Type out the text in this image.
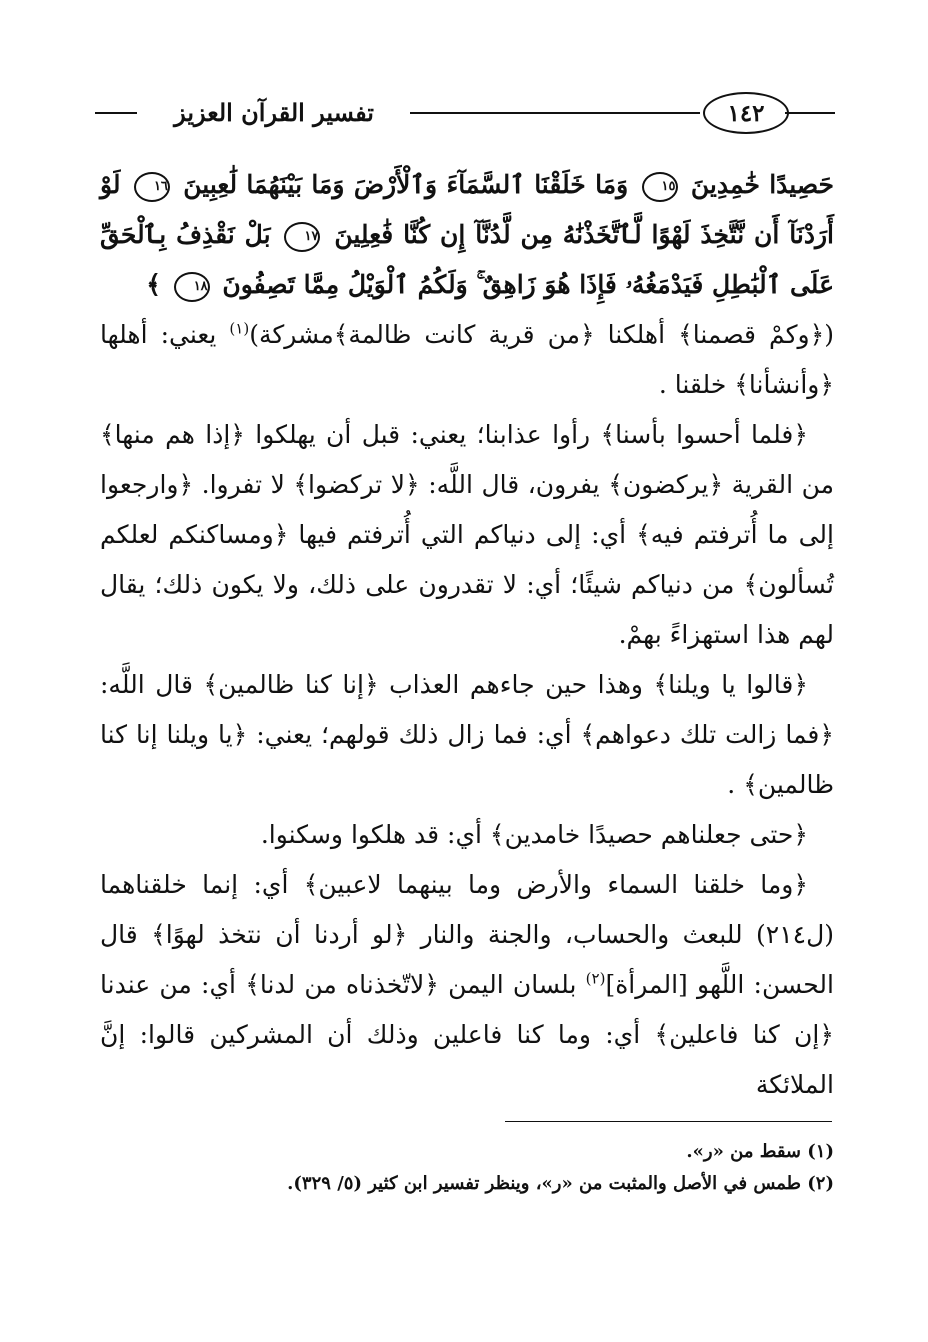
١٤٢
تفسير القرآن العزيز

حَصِيدًا خَٰمِدِينَ ١٥ وَمَا خَلَقْنَا ٱلسَّمَآءَ وَٱلْأَرْضَ وَمَا بَيْنَهُمَا لَٰعِبِينَ ١٦ لَوْ أَرَدْنَآ أَن نَّتَّخِذَ لَهْوًا لَّٱتَّخَذْنَٰهُ مِن لَّدُنَّآ إِن كُنَّا فَٰعِلِينَ ١٧ بَلْ نَقْذِفُ بِٱلْحَقِّ عَلَى ٱلْبَٰطِلِ فَيَدْمَغُهُۥ فَإِذَا هُوَ زَاهِقٌ ۚ وَلَكُمُ ٱلْوَيْلُ مِمَّا تَصِفُونَ ١٨ ﴾

(﴿وكمْ قصمنا﴾ أهلكنا ﴿من قرية كانت ظالمة﴾مشركة)$^{(١)}$ يعني: أهلها ﴿وأنشأنا﴾ خلقنا .

﴿فلما أحسوا بأسنا﴾ رأوا عذابنا؛ يعني: قبل أن يهلكوا ﴿إذا هم منها﴾ من القرية ﴿يركضون﴾ يفرون، قال اللَّه: ﴿لا تركضوا﴾ لا تفروا. ﴿وارجعوا إلى ما أُترفتم فيه﴾ أي: إلى دنياكم التي أُترفتم فيها ﴿ومساكنكم لعلكم تُسألون﴾ من دنياكم شيئًا؛ أي: لا تقدرون على ذلك، ولا يكون ذلك؛ يقال لهم هذا استهزاءً بهمْ.

﴿قالوا يا ويلنا﴾ وهذا حين جاءهم العذاب ﴿إنا كنا ظالمين﴾ قال اللَّه: ﴿فما زالت تلك دعواهم﴾ أي: فما زال ذلك قولهم؛ يعني: ﴿يا ويلنا إنا كنا ظالمين﴾ .

﴿حتى جعلناهم حصيدًا خامدين﴾ أي: قد هلكوا وسكنوا.

﴿وما خلقنا السماء والأرض وما بينهما لاعبين﴾ أي: إنما خلقناهما (ل٢١٤) للبعث والحساب، والجنة والنار ﴿لو أردنا أن نتخذ لهوًا﴾ قال الحسن: اللَّهو [المرأة]$^{(٢)}$ بلسان اليمن ﴿لاتّخذناه من لدنا﴾ أي: من عندنا ﴿إن كنا فاعلين﴾ أي: وما كنا فاعلين وذلك أن المشركين قالوا: إنَّ الملائكة

(١) سقط من «ر».

(٢) طمس في الأصل والمثبت من «ر»، وينظر تفسير ابن كثير (٥/ ٣٢٩).
